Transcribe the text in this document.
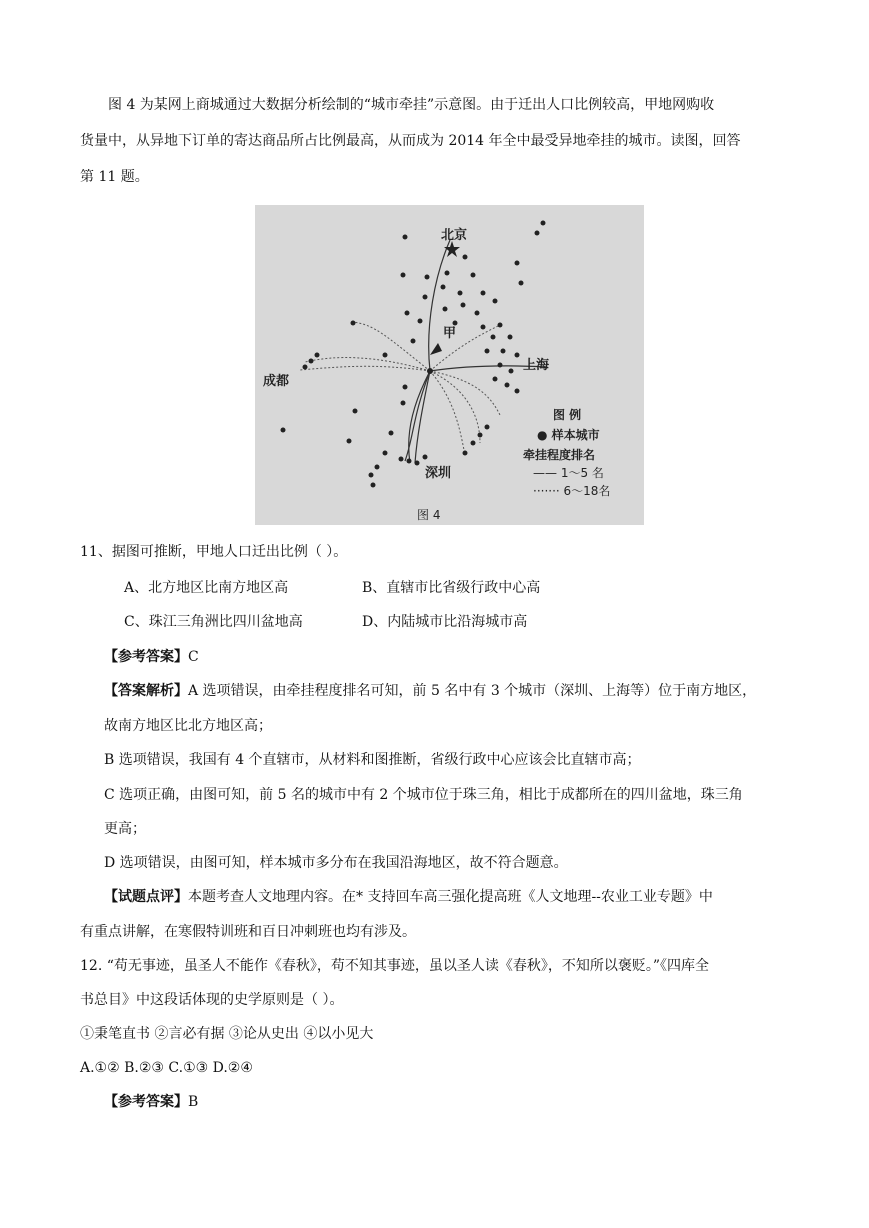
图 4 为某网上商城通过大数据分析绘制的“城市牵挂”示意图。由于迁出人口比例较高，甲地网购收
货量中，从异地下订单的寄达商品所占比例最高，从而成为 2014 年全中最受异地牵挂的城市。读图，回答
第 11 题。
北京
甲
上海
成都
深圳
图 例
● 样本城市
牵挂程度排名
—— 1～5 名
······· 6～18名
图 4
11、据图可推断，甲地人口迁出比例（ ）。
A、北方地区比南方地区高	B、直辖市比省级行政中心高
C、珠江三角洲比四川盆地高	D、内陆城市比沿海城市高
【参考答案】C
【答案解析】A 选项错误，由牵挂程度排名可知，前 5 名中有 3 个城市（深圳、上海等）位于南方地区，
故南方地区比北方地区高；
B 选项错误，我国有 4 个直辖市，从材料和图推断，省级行政中心应该会比直辖市高；
C 选项正确，由图可知，前 5 名的城市中有 2 个城市位于珠三角，相比于成都所在的四川盆地，珠三角
更高；
D 选项错误，由图可知，样本城市多分布在我国沿海地区，故不符合题意。
【试题点评】本题考查人文地理内容。在* 支持回车高三强化提高班《人文地理--农业工业专题》中
有重点讲解，在寒假特训班和百日冲刺班也均有涉及。
12. “苟无事迹，虽圣人不能作《春秋》，苟不知其事迹，虽以圣人读《春秋》，不知所以褒贬。”《四库全
书总目》中这段话体现的史学原则是（ ）。
①秉笔直书 ②言必有据 ③论从史出 ④以小见大
A.①② B.②③ C.①③ D.②④
【参考答案】B
